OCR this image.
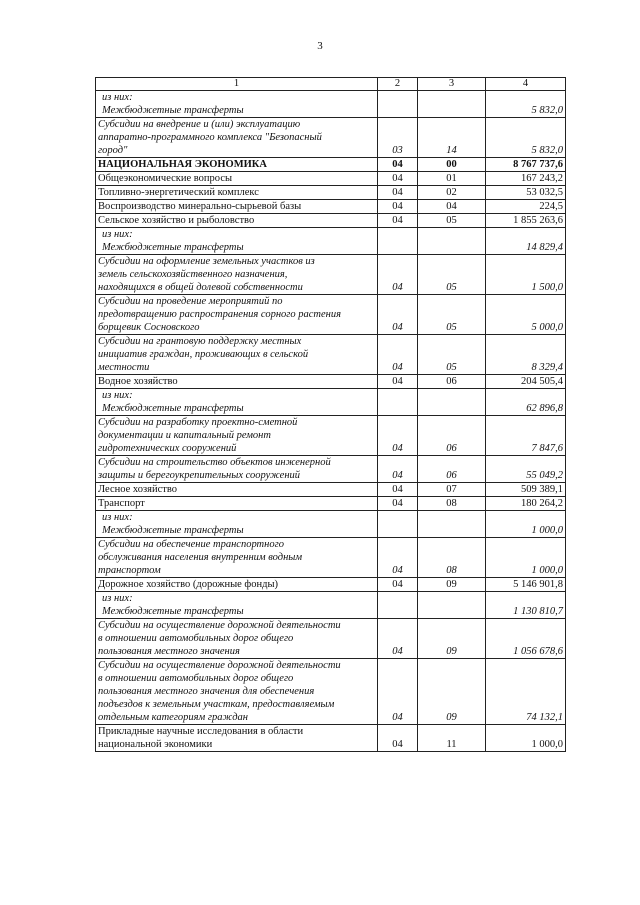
3
1	2	3	4

из них:
Межбюджетные трансферты			5 832,0
Субсидии на внедрение и (или) эксплуатацию
аппаратно-программного комплекса "Безопасный
город"	03	14	5 832,0
НАЦИОНАЛЬНАЯ ЭКОНОМИКА	04	00	8 767 737,6
Общеэкономические вопросы	04	01	167 243,2
Топливно-энергетический комплекс	04	02	53 032,5
Воспроизводство минерально-сырьевой базы	04	04	224,5
Сельское хозяйство и рыболовство	04	05	1 855 263,6

из них:
Межбюджетные трансферты			14 829,4
Субсидии на оформление земельных участков из
земель сельскохозяйственного назначения,
находящихся в общей долевой собственности	04	05	1 500,0
Субсидии на проведение мероприятий по
предотвращению распространения сорного растения
борщевик Сосновского	04	05	5 000,0
Субсидии на грантовую поддержку местных
инициатив граждан, проживающих в сельской
местности	04	05	8 329,4
Водное хозяйство	04	06	204 505,4

из них:
Межбюджетные трансферты			62 896,8
Субсидии на разработку проектно-сметной
документации и капитальный ремонт
гидротехнических сооружений	04	06	7 847,6
Субсидии на строительство объектов инженерной
защиты и берегоукрепительных сооружений	04	06	55 049,2
Лесное хозяйство	04	07	509 389,1
Транспорт	04	08	180 264,2

из них:
Межбюджетные трансферты			1 000,0
Субсидии на обеспечение транспортного
обслуживания населения внутренним водным
транспортом	04	08	1 000,0
Дорожное хозяйство (дорожные фонды)	04	09	5 146 901,8

из них:
Межбюджетные трансферты			1 130 810,7
Субсидии на осуществление дорожной деятельности
в отношении автомобильных дорог общего
пользования местного значения	04	09	1 056 678,6
Субсидии на осуществление дорожной деятельности
в отношении автомобильных дорог общего
пользования местного значения для обеспечения
подъездов к земельным участкам, предоставляемым
отдельным категориям граждан	04	09	74 132,1
Прикладные научные исследования в области
национальной экономики	04	11	1 000,0
